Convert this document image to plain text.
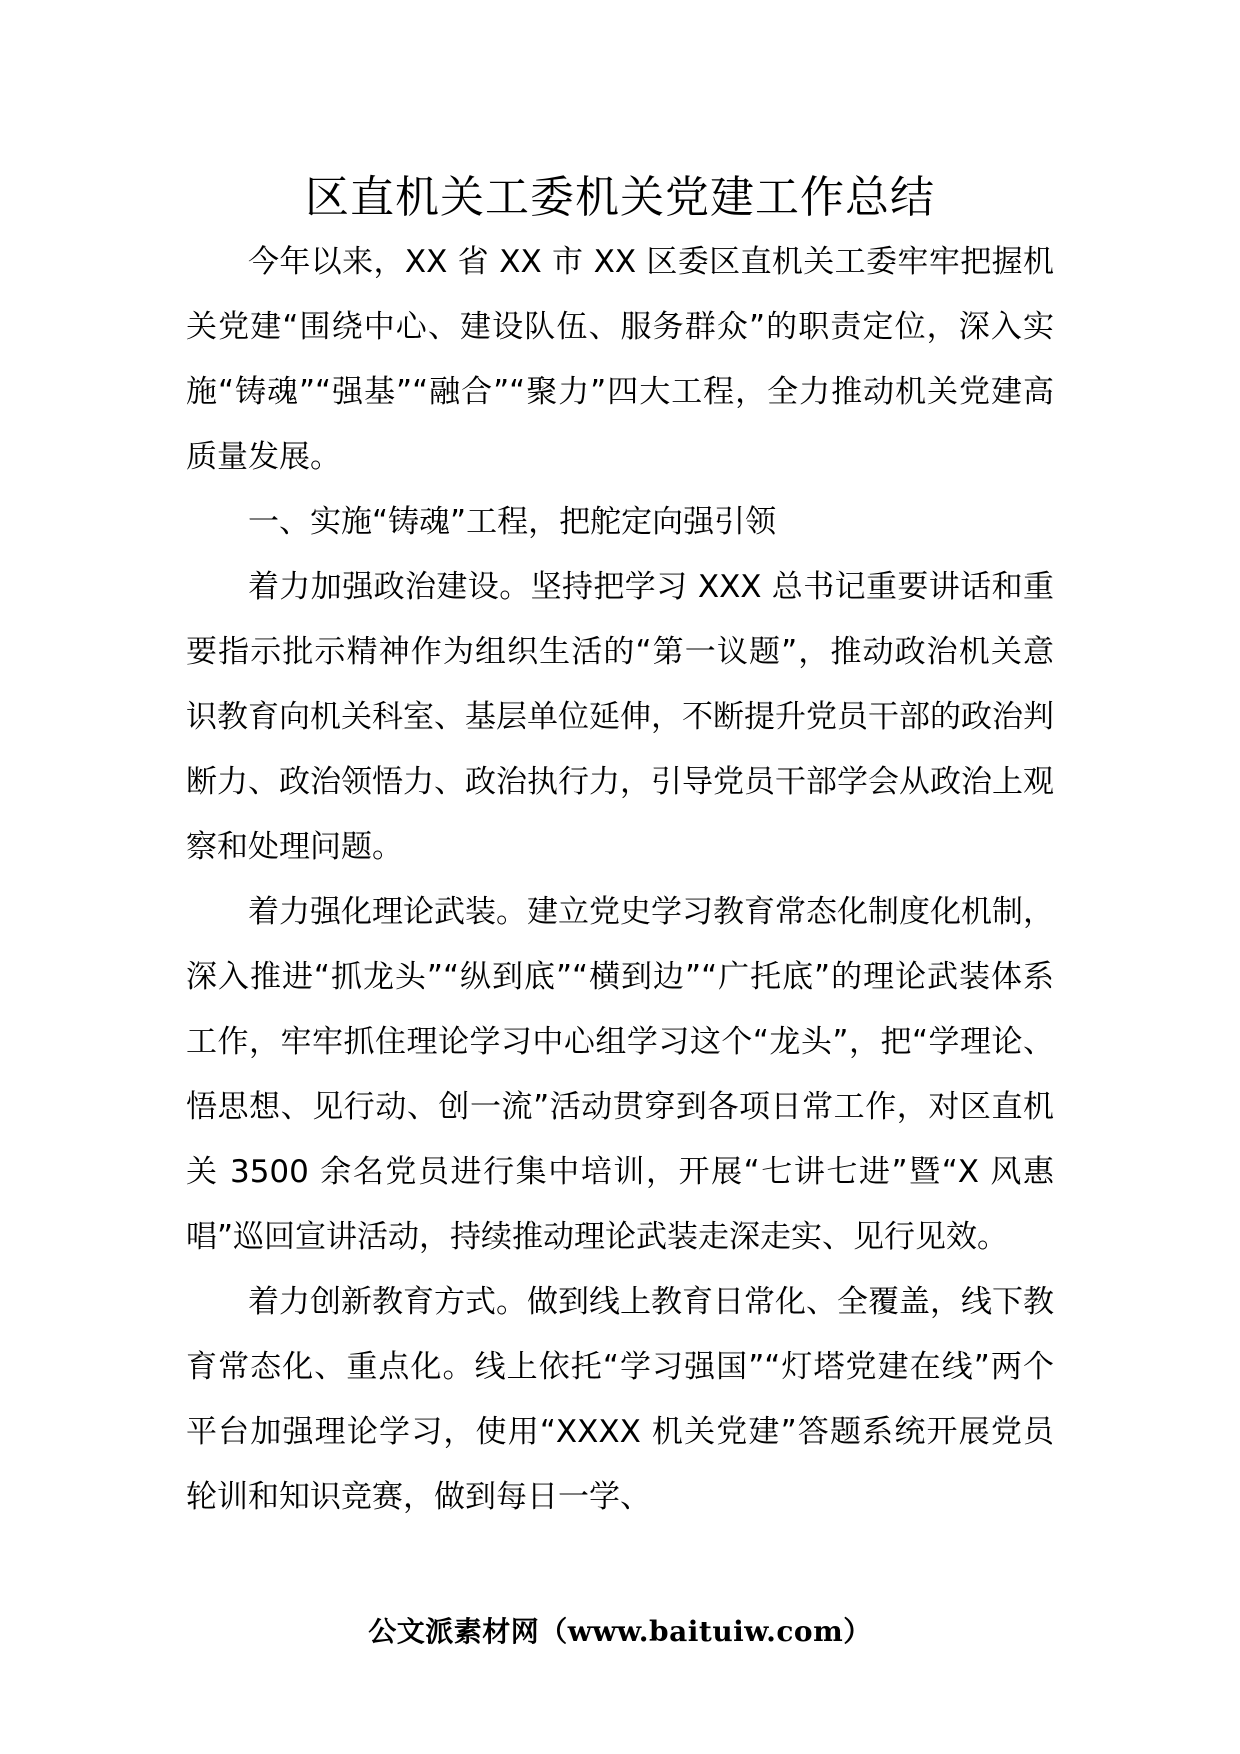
区直机关工委机关党建工作总结

今年以来，XX 省 XX 市 XX 区委区直机关工委牢牢把握机关党建“围绕中心、建设队伍、服务群众”的职责定位，深入实施“铸魂”“强基”“融合”“聚力”四大工程，全力推动机关党建高质量发展。

一、实施“铸魂”工程，把舵定向强引领

着力加强政治建设。坚持把学习 XXX 总书记重要讲话和重要指示批示精神作为组织生活的“第一议题”，推动政治机关意识教育向机关科室、基层单位延伸，不断提升党员干部的政治判断力、政治领悟力、政治执行力，引导党员干部学会从政治上观察和处理问题。

着力强化理论武装。建立党史学习教育常态化制度化机制，深入推进“抓龙头”“纵到底”“横到边”“广托底”的理论武装体系工作，牢牢抓住理论学习中心组学习这个“龙头”，把“学理论、悟思想、见行动、创一流”活动贯穿到各项日常工作，对区直机关 3500 余名党员进行集中培训，开展“七讲七进”暨“X 风惠唱”巡回宣讲活动，持续推动理论武装走深走实、见行见效。

着力创新教育方式。做到线上教育日常化、全覆盖，线下教育常态化、重点化。线上依托“学习强国”“灯塔党建在线”两个平台加强理论学习，使用“XXXX 机关党建”答题系统开展党员轮训和知识竞赛，做到每日一学、

公文派素材网（www.baituiw.com）
